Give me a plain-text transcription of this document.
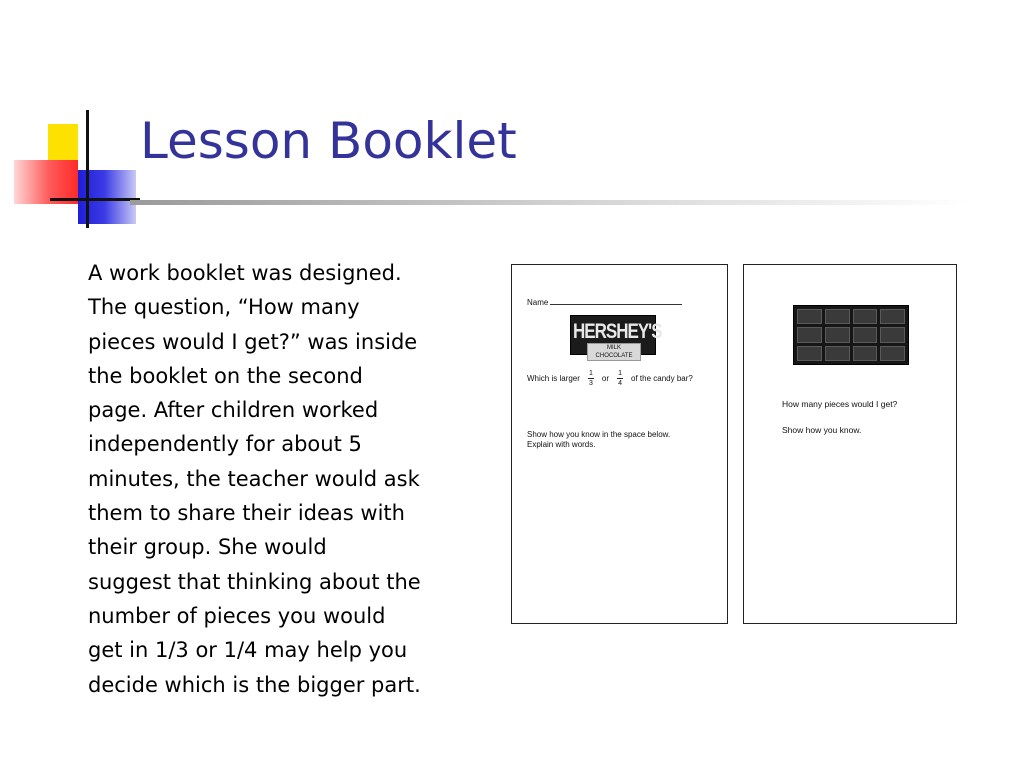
Lesson Booklet

A work booklet was designed.
The question, “How many
pieces would I get?” was inside
the booklet on the second
page. After children worked
independently for about 5
minutes, the teacher would ask
them to share their ideas with
their group. She would
suggest that thinking about the
number of pieces you would
get in 1/3 or 1/4 may help you
decide which is the bigger part.

Name
HERSHEY'S
MILK CHOCOLATE
Which is larger $\frac{1}{3}$ or $\frac{1}{4}$ of the candy bar?
Show how you know in the space below.
Explain with words.
How many pieces would I get?
Show how you know.
